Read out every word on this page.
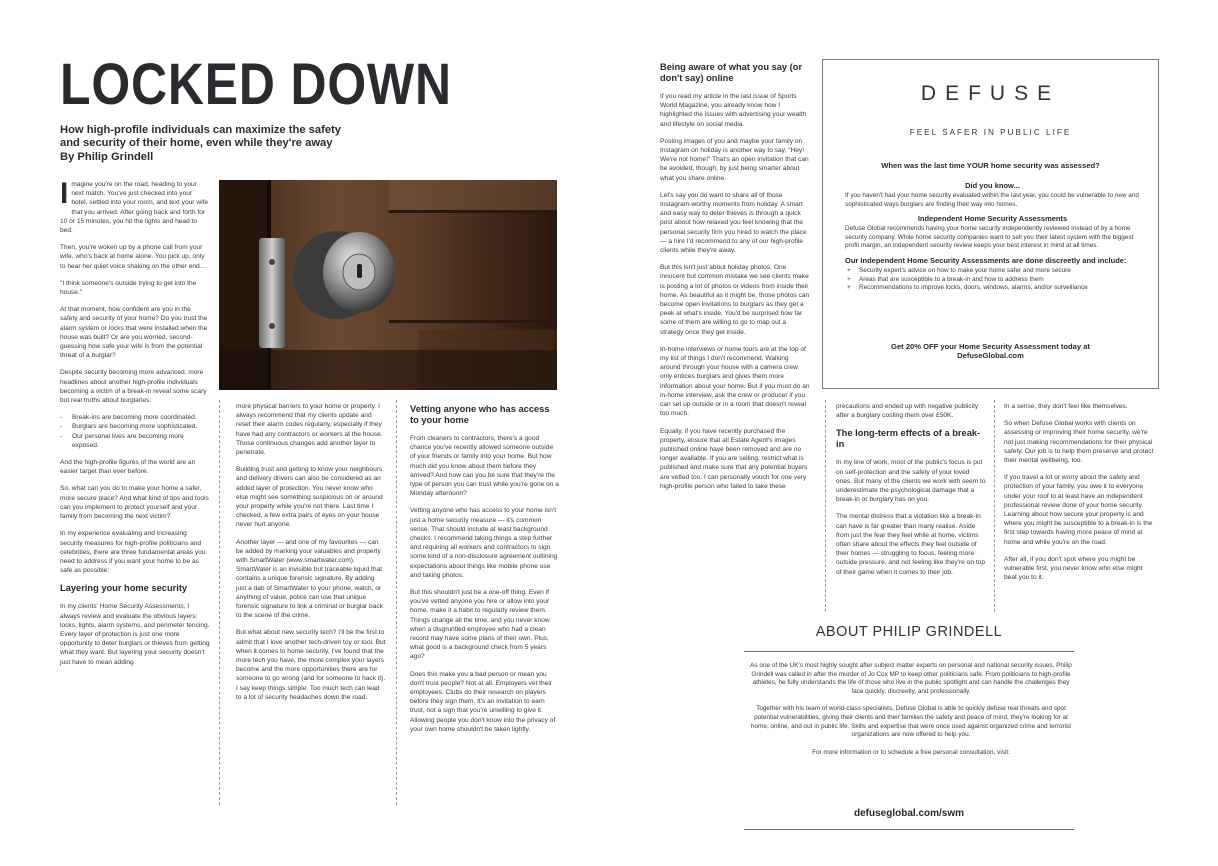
LOCKED DOWN
How high-profile individuals can maximize the safety
and security of their home, even while they're away
By Philip Grindell

Imagine you're on the road, heading to your next match. You've just checked into your hotel, settled into your room, and text your wife that you arrived. After going back and forth for 10 or 15 minutes, you hit the lights and head to bed.

Then, you're woken up by a phone call from your wife, who's back at home alone. You pick up, only to hear her quiet voice shaking on the other end…

"I think someone's outside trying to get into the house."

At that moment, how confident are you in the safety and security of your home? Do you trust the alarm system or locks that were installed when the house was built? Or are you worried, second-guessing how safe your wife is from the potential threat of a burglar?

Despite security becoming more advanced, more headlines about another high-profile individuals becoming a victim of a break-in reveal some scary but real truths about burglaries:

- Break-ins are becoming more coordinated.
- Burglars are becoming more sophisticated.
- Our personal lives are becoming more exposed.

And the high-profile figures of the world are an easier target than ever before.

So, what can you do to make your home a safer, more secure place? And what kind of tips and tools can you implement to protect yourself and your family from becoming the next victim?

In my experience evaluating and increasing security measures for high-profile politicians and celebrities, there are three fundamental areas you need to address if you want your home to be as safe as possible:

Layering your home security

In my clients' Home Security Assessments, I always review and evaluate the obvious layers: locks, lights, alarm systems, and perimeter fencing. Every layer of protection is just one more opportunity to deter burglars or thieves from getting what they want. But layering your security doesn't just have to mean adding

more physical barriers to your home or property. I always recommend that my clients update and reset their alarm codes regularly, especially if they have had any contractors or workers at the house. Those continuous changes add another layer to penetrate.

Building trust and getting to know your neighbours and delivery drivers can also be considered as an added layer of protection. You never know who else might see something suspicious on or around your property while you're not there. Last time I checked, a few extra pairs of eyes on your house never hurt anyone.

Another layer — and one of my favourites — can be added by marking your valuables and property with SmartWater (www.smartwater.com). SmartWater is an invisible but traceable liquid that contains a unique forensic signature. By adding just a dab of SmartWater to your phone, watch, or anything of value, police can use that unique forensic signature to link a criminal or burglar back to the scene of the crime.

But what about new security tech? I'll be the first to admit that I love another tech-driven toy or tool. But when it comes to home security, I've found that the more tech you have, the more complex your layers become and the more opportunities there are for someone to go wrong (and for someone to hack it). I say keep things simple. Too much tech can lead to a lot of security headaches down the road.

Vetting anyone who has access to your home

From cleaners to contractors, there's a good chance you've recently allowed someone outside of your friends or family into your home. But how much did you know about them before they arrived? And how can you be sure that they're the type of person you can trust while you're gone on a Monday afternoon?

Vetting anyone who has access to your home isn't just a home security measure — it's common sense. That should include at least background checks. I recommend taking things a step further and requiring all workers and contractors to sign some kind of a non-disclosure agreement outlining expectations about things like mobile phone use and taking photos.

But this shouldn't just be a one-off thing. Even if you've vetted anyone you hire or allow into your home, make it a habit to regularly review them. Things change all the time, and you never know when a disgruntled employee who had a clean record may have some plans of their own. Plus, what good is a background check from 5 years ago?

Does this make you a bad person or mean you don't trust people? Not at all. Employers vet their employees. Clubs do their research on players before they sign them. It's an invitation to earn trust, not a sign that you're unwilling to give it. Allowing people you don't know into the privacy of your own home shouldn't be taken lightly.

Being aware of what you say (or don't say) online

If you read my article in the last issue of Sports World Magazine, you already know how I highlighted the issues with advertising your wealth and lifestyle on social media.

Posting images of you and maybe your family on Instagram on holiday is another way to say, "Hey! We're not home!" That's an open invitation that can be avoided, though, by just being smarter about what you share online.

Let's say you do want to share all of those Instagram-worthy moments from holiday. A smart and easy way to deter thieves is through a quick post about how relaxed you feel knowing that the personal security firm you hired to watch the place — a hire I'd recommend to any of our high-profile clients while they're away.

But this isn't just about holiday photos. One innocent but common mistake we see clients make is posting a lot of photos or videos from inside their home. As beautiful as it might be, those photos can become open invitations to burglars as they get a peek at what's inside. You'd be surprised how far some of them are willing to go to map out a strategy once they get inside.

In-home interviews or home tours are at the top of my list of things I don't recommend. Walking around through your house with a camera crew only entices burglars and gives them more information about your home. But if you must do an in-home interview, ask the crew or producer if you can set up outside or in a room that doesn't reveal too much.

Equally, if you have recently purchased the property, ensure that all Estate Agent's images published online have been removed and are no longer available. If you are selling, restrict what is published and make sure that any potential buyers are vetted too. I can personally vouch for one very high-profile person who failed to take these

DEFUSE
FEEL SAFER IN PUBLIC LIFE
When was the last time YOUR home security was assessed?
Did you know...

If you haven't had your home security evaluated within the last year, you could be vulnerable to new and sophisticated ways burglars are finding their way into homes.

Independent Home Security Assessments

Defuse Global recommends having your home security independently reviewed instead of by a home security company. While home security companies want to sell you their latest system with the biggest profit margin, an independent security review keeps your best interest in mind at all times.

Our Independent Home Security Assessments are done discreetly and include:
+ Security expert's advice on how to make your home safer and more secure
+ Areas that are susceptible to a break-in and how to address them
+ Recommendations to improve locks, doors, windows, alarms, and/or surveillance
Get 20% OFF your Home Security Assessment today at
DefuseGlobal.com

precautions and ended up with negative publicity after a burglary costing them over £50K.

The long-term effects of a break-in

In my line of work, most of the public's focus is put on self-protection and the safety of your loved ones. But many of the clients we work with seem to underestimate the psychological damage that a break-in or burglary has on you.

The mental distress that a violation like a break-in can have is far greater than many realise. Aside from just the fear they feel while at home, victims often share about the effects they feel outside of their homes — struggling to focus, feeling more outside pressure, and not feeling like they're on top of their game when it comes to their job.

In a sense, they don't feel like themselves.

So when Defuse Global works with clients on assessing or improving their home security, we're not just making recommendations for their physical safety. Our job is to help them preserve and protect their mental wellbeing, too.

If you travel a lot or worry about the safety and protection of your family, you owe it to everyone under your roof to at least have an independent professional review done of your home security. Learning about how secure your property is and where you might be susceptible to a break-in is the first step towards having more peace of mind at home and while you're on the road.

After all, if you don't spot where you might be vulnerable first, you never know who else might beat you to it.

ABOUT PHILIP GRINDELL

As one of the UK's most highly sought after subject matter experts on personal and national security issues, Philip Grindell was called in after the murder of Jo Cox MP to keep other politicians safe. From politicians to high-profile athletes, he fully understands the life of those who live in the public spotlight and can handle the challenges they face quickly, discreetly, and professionally.

Together with his team of world-class specialists, Defuse Global is able to quickly defuse real threats and spot potential vulnerabilities, giving their clients and their families the safety and peace of mind, they're looking for at home, online, and out in public life. Skills and expertise that were once used against organized crime and terrorist organizations are now offered to help you.

For more information or to schedule a free personal consultation, visit:

defuseglobal.com/swm
